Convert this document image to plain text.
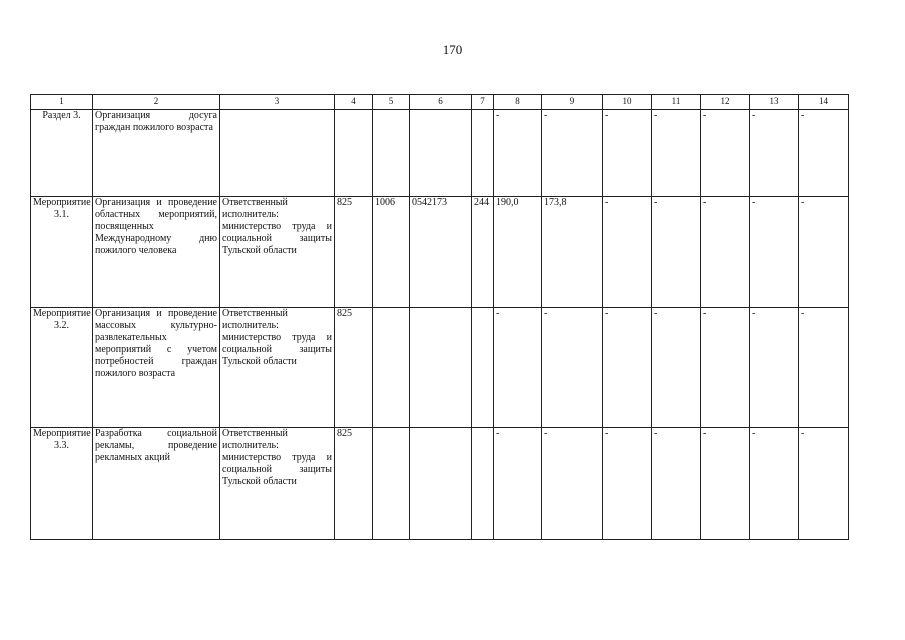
170
1	2	3	4	5	6	7	8	9	10	11	12	13	14
Раздел 3.	Организация досуга граждан пожилого возраста						-	-	-	-	-	-	-
Мероприятие 3.1.	Организация и проведение областных мероприятий, посвященных Международному дню пожилого человека	Ответственный исполнитель: министерство труда и социальной защиты Тульской области	825	1006	0542173	244	190,0	173,8	-	-	-	-	-
Мероприятие 3.2.	Организация и проведение массовых культурно-развлекательных мероприятий с учетом потребностей граждан пожилого возраста	Ответственный исполнитель: министерство труда и социальной защиты Тульской области	825				-	-	-	-	-	-	-
Мероприятие 3.3.	Разработка социальной рекламы, проведение рекламных акций	Ответственный исполнитель: министерство труда и социальной защиты Тульской области	825				-	-	-	-	-	-	-
